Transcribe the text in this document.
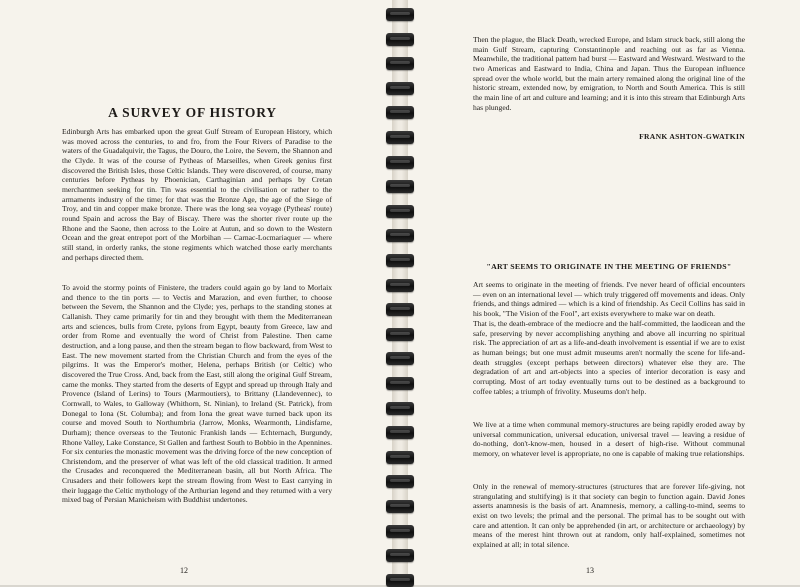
A SURVEY OF HISTORY

Edinburgh Arts has embarked upon the great Gulf Stream of European History, which was moved across the centuries, to and fro, from the Four Rivers of Paradise to the waters of the Guadalquivir, the Tagus, the Douro, the Loire, the Severn, the Shannon and the Clyde. It was of the course of Pytheas of Marseilles, when Greek genius first discovered the British Isles, those Celtic Islands. They were discovered, of course, many centuries before Pytheas by Phoenician, Carthaginian and perhaps by Cretan merchantmen seeking for tin. Tin was essential to the civilisation or rather to the armaments industry of the time; for that was the Bronze Age, the age of the Siege of Troy, and tin and copper make bronze. There was the long sea voyage (Pytheas' route) round Spain and across the Bay of Biscay. There was the shorter river route up the Rhone and the Saone, then across to the Loire at Autun, and so down to the Western Ocean and the great entrepot port of the Morbihan — Carnac-Locmariaquer — where still stand, in orderly ranks, the stone regiments which watched those early merchants and perhaps directed them.

To avoid the stormy points of Finistere, the traders could again go by land to Morlaix and thence to the tin ports — to Vectis and Marazion, and even further, to choose between the Severn, the Shannon and the Clyde; yes, perhaps to the standing stones at Callanish. They came primarily for tin and they brought with them the Mediterranean arts and sciences, bulls from Crete, pylons from Egypt, beauty from Greece, law and order from Rome and eventually the word of Christ from Palestine. Then came destruction, and a long pause, and then the stream began to flow backward, from West to East. The new movement started from the Christian Church and from the eyes of the pilgrims. It was the Emperor's mother, Helena, perhaps British (or Celtic) who discovered the True Cross. And, back from the East, still along the original Gulf Stream, came the monks. They started from the deserts of Egypt and spread up through Italy and Provence (Island of Lerins) to Tours (Marmoutiers), to Brittany (Llandevennec), to Cornwall, to Wales, to Galloway (Whithorn, St. Ninian), to Ireland (St. Patrick), from Donegal to Iona (St. Columba); and from Iona the great wave turned back upon its course and moved South to Northumbria (Jarrow, Monks, Wearmonth, Lindisfarne, Durham); thence overseas to the Teutonic Frankish lands — Echternach, Burgundy, Rhone Valley, Lake Constance, St Gallen and farthest South to Bobbio in the Apennines. For six centuries the monastic movement was the driving force of the new conception of Christendom, and the preserver of what was left of the old classical tradition. It armed the Crusades and reconquered the Mediterranean basin, all but North Africa. The Crusaders and their followers kept the stream flowing from West to East carrying in their luggage the Celtic mythology of the Arthurian legend and they returned with a very mixed bag of Persian Manicheism with Buddhist undertones.

12

Then the plague, the Black Death, wrecked Europe, and Islam struck back, still along the main Gulf Stream, capturing Constantinople and reaching out as far as Vienna. Meanwhile, the traditional pattern had burst — Eastward and Westward. Westward to the two Americas and Eastward to India, China and Japan. Thus the European influence spread over the whole world, but the main artery remained along the original line of the historic stream, extended now, by emigration, to North and South America. This is still the main line of art and culture and learning; and it is into this stream that Edinburgh Arts has plunged.

FRANK ASHTON-GWATKIN

"ART SEEMS TO ORIGINATE IN THE MEETING OF FRIENDS"

Art seems to originate in the meeting of friends. I've never heard of official encounters — even on an international level — which truly triggered off movements and ideas. Only friends, and things admired — which is a kind of friendship. As Cecil Collins has said in his book, "The Vision of the Fool", art exists everywhere to make war on death.

That is, the death-embrace of the mediocre and the half-committed, the laodicean and the safe, preserving by never accomplishing anything and above all incurring no spiritual risk. The appreciation of art as a life-and-death involvement is essential if we are to exist as human beings; but one must admit museums aren't normally the scene for life-and-death struggles (except perhaps between directors) whatever else they are. The degradation of art and art-objects into a species of interior decoration is easy and corrupting. Most of art today eventually turns out to be destined as a background to coffee tables; a triumph of frivolity. Museums don't help.

We live at a time when communal memory-structures are being rapidly eroded away by universal communication, universal education, universal travel — leaving a residue of do-nothing, don't-know-men, housed in a desert of high-rise. Without communal memory, on whatever level is appropriate, no one is capable of making true relationships.

Only in the renewal of memory-structures (structures that are forever life-giving, not strangulating and stultifying) is it that society can begin to function again. David Jones asserts anamnesis is the basis of art. Anamnesis, memory, a calling-to-mind, seems to exist on two levels; the primal and the personal. The primal has to be sought out with care and attention. It can only be apprehended (in art, or architecture or archaeology) by means of the merest hint thrown out at random, only half-explained, sometimes not explained at all; in total silence.

13
